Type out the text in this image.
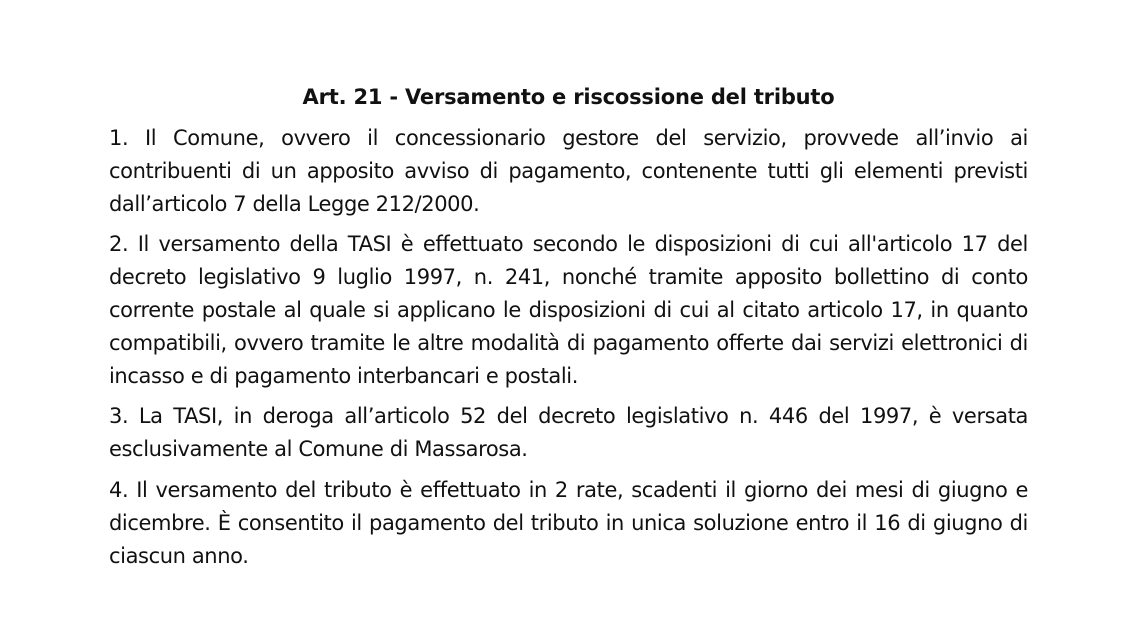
Art. 21 - Versamento e riscossione del tributo

1. Il Comune, ovvero il concessionario gestore del servizio, provvede all’invio ai contribuenti di un apposito avviso di pagamento, contenente tutti gli elementi previsti dall’articolo 7 della Legge 212/2000.

2. Il versamento della TASI è effettuato secondo le disposizioni di cui all'articolo 17 del decreto legislativo 9 luglio 1997, n. 241, nonché tramite apposito bollettino di conto corrente postale al quale si applicano le disposizioni di cui al citato articolo 17, in quanto compatibili, ovvero tramite le altre modalità di pagamento offerte dai servizi elettronici di incasso e di pagamento interbancari e postali.

3. La TASI, in deroga all’articolo 52 del decreto legislativo n. 446 del 1997, è versata esclusivamente al Comune di Massarosa.

4. Il versamento del tributo è effettuato in 2 rate, scadenti il giorno dei mesi di giugno e dicembre. È consentito il pagamento del tributo in unica soluzione entro il 16 di giugno di ciascun anno.
